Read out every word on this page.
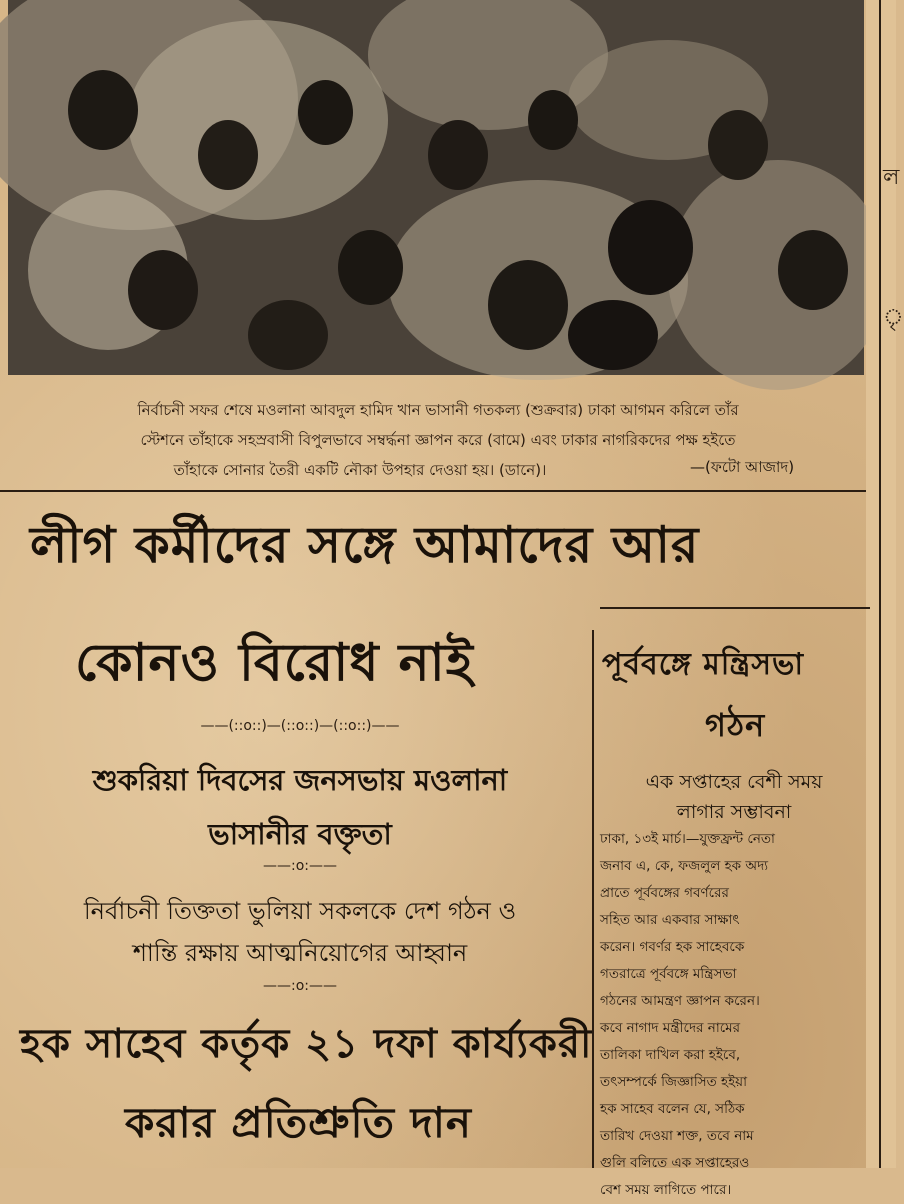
ল
ৃ

নির্বাচনী সফর শেষে মওলানা আবদুল হামিদ খান ভাসানী গতকল্য (শুক্রবার) ঢাকা আগমন করিলে তাঁর

স্টেশনে তাঁহাকে সহস্রবাসী বিপুলভাবে সম্বর্দ্ধনা জ্ঞাপন করে (বামে) এবং ঢাকার নাগরিকদের পক্ষ হইতে

তাঁহাকে সোনার তৈরী একটি নৌকা উপহার দেওয়া হয়। (ডানে)।	—(ফটো আজাদ)
লীগ কর্মীদের সঙ্গে আমাদের আর
কোনও বিরোধ নাই
——(::o::)—(::o::)—(::o::)——
শুকরিয়া দিবসের জনসভায় মওলানা
ভাসানীর বক্তৃতা
——:o:——
নির্বাচনী তিক্ততা ভুলিয়া সকলকে দেশ গঠন ও
শান্তি রক্ষায় আত্মনিয়োগের আহ্বান
——:o:——
হক সাহেব কর্তৃক ২১ দফা কার্য্যকরী
করার প্রতিশ্রুতি দান
পূর্ববঙ্গে মন্ত্রিসভা
গঠন

এক সপ্তাহের বেশী সময়

লাগার সম্ভাবনা

ঢাকা, ১৩ই মার্চ।—যুক্তফ্রন্ট নেতা
জনাব এ, কে, ফজলুল হক অদ্য
প্রাতে পূর্ববঙ্গের গবর্ণরের
সহিত আর একবার সাক্ষাৎ
করেন। গবর্ণর হক সাহেবকে
গতরাত্রে পূর্ববঙ্গে মন্ত্রিসভা
গঠনের আমন্ত্রণ জ্ঞাপন করেন।
কবে নাগাদ মন্ত্রীদের নামের
তালিকা দাখিল করা হইবে,
তৎসম্পর্কে জিজ্ঞাসিত হইয়া
হক সাহেব বলেন যে, সঠিক
তারিখ দেওয়া শক্ত, তবে নাম
গুলি বলিতে এক সপ্তাহেরও
বেশ সময় লাগিতে পারে।
